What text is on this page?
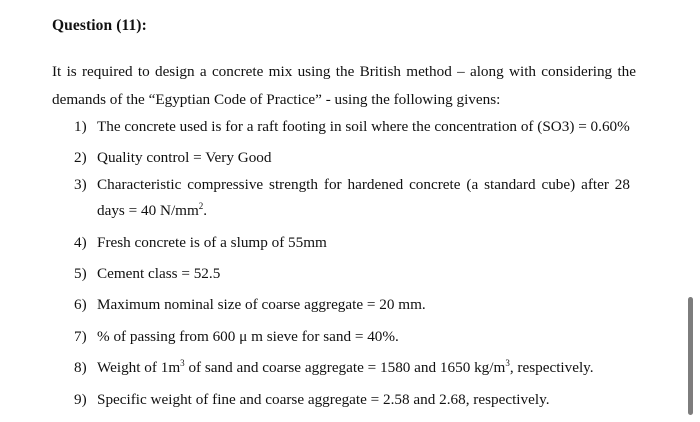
Question (11):
It is required to design a concrete mix using the British method – along with considering the demands of the “Egyptian Code of Practice” - using the following givens:
1) The concrete used is for a raft footing in soil where the concentration of (SO3) = 0.60%
2) Quality control = Very Good
3) Characteristic compressive strength for hardened concrete (a standard cube) after 28 days = 40 $N/mm^2$.
4) Fresh concrete is of a slump of 55mm
5) Cement class = 52.5
6) Maximum nominal size of coarse aggregate = 20 mm.
7) % of passing from 600 μ m sieve for sand = 40%.
8) Weight of $1m^3$ of sand and coarse aggregate = 1580 and 1650 $kg/m^3$, respectively.
9) Specific weight of fine and coarse aggregate = 2.58 and 2.68, respectively.
